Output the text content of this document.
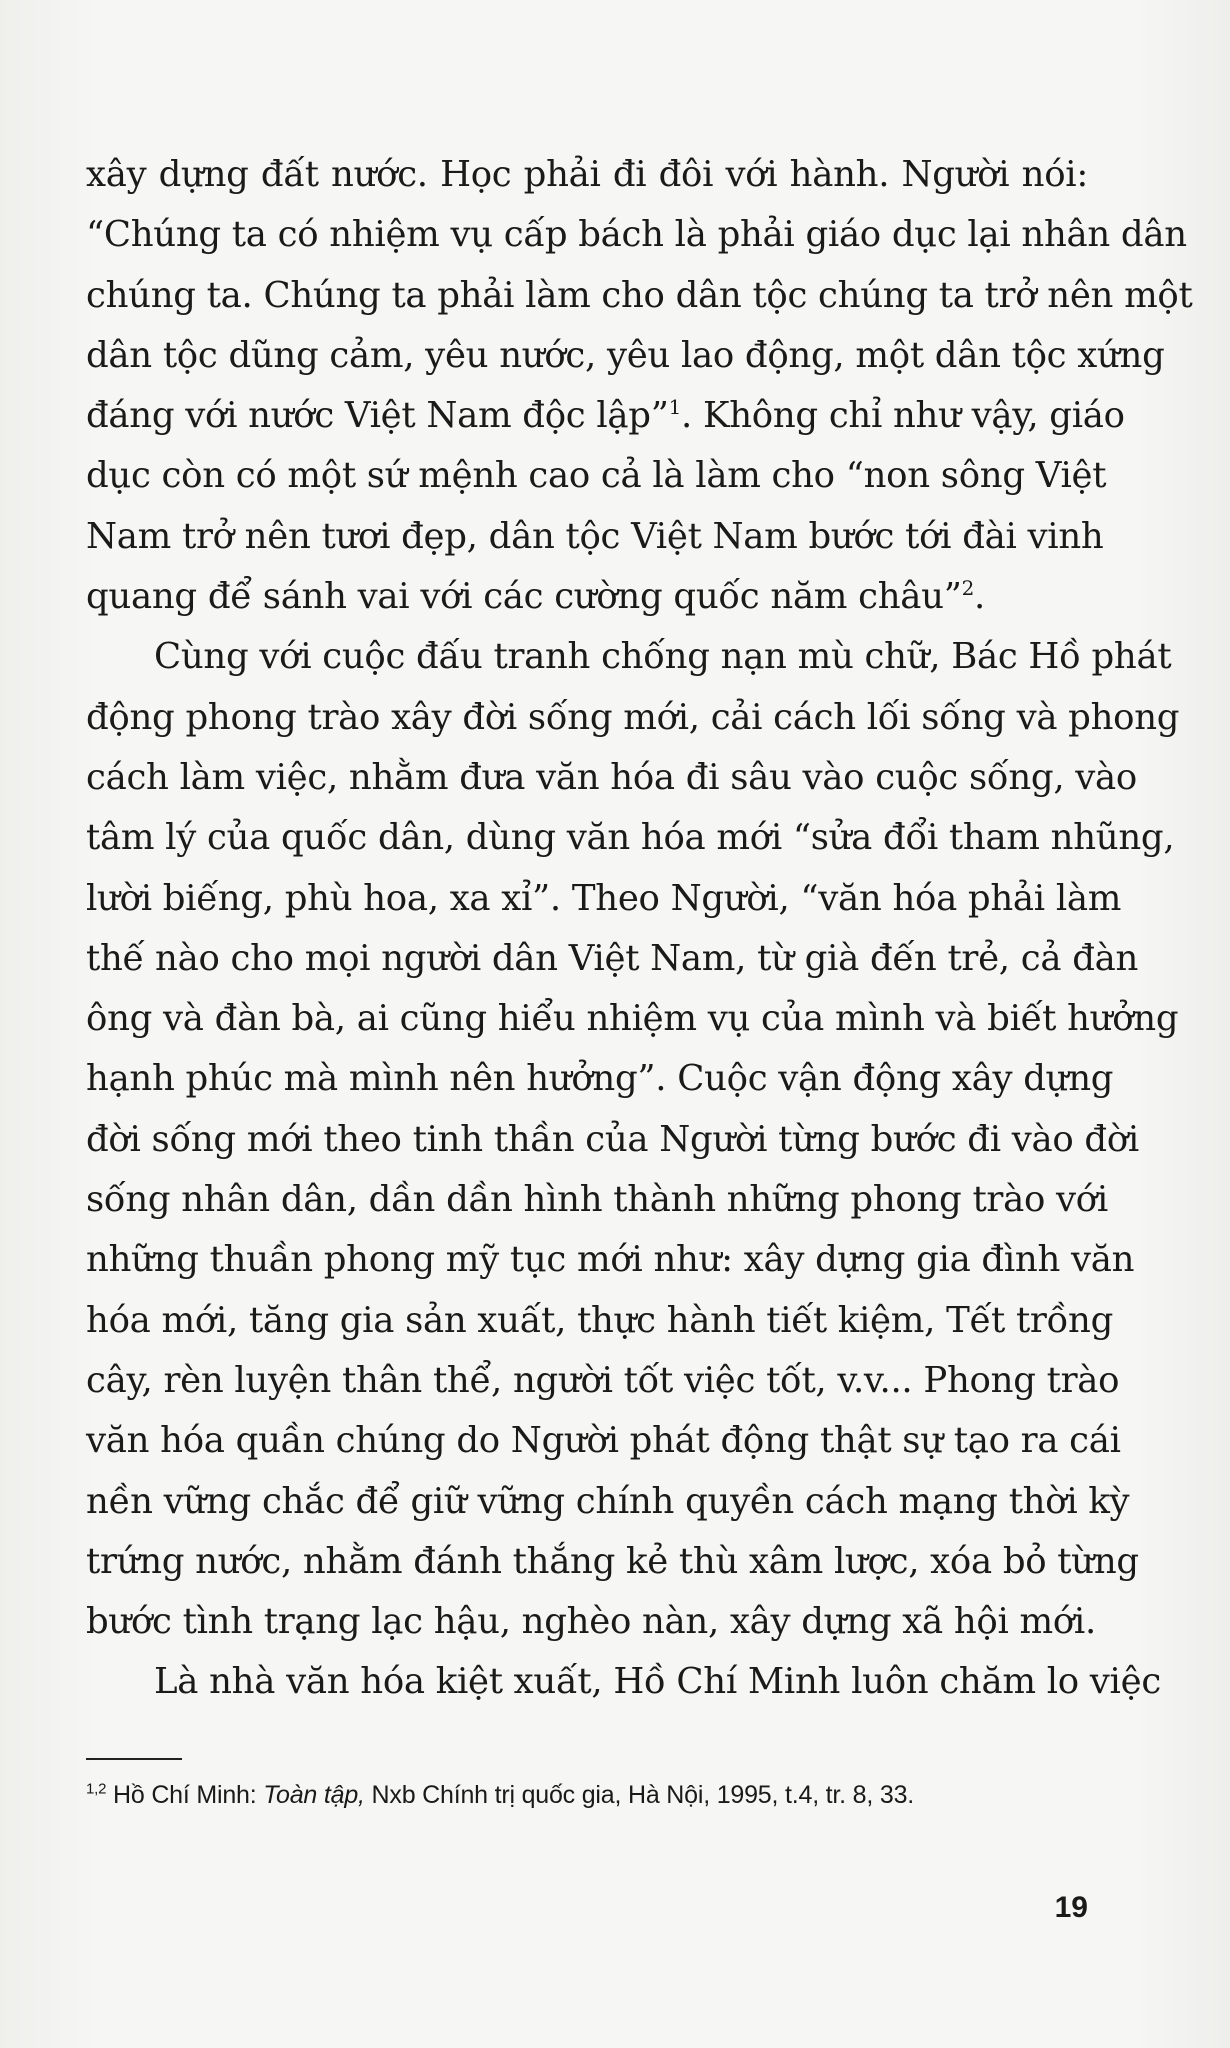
xây dựng đất nước. Học phải đi đôi với hành. Người nói:
“Chúng ta có nhiệm vụ cấp bách là phải giáo dục lại nhân dân
chúng ta. Chúng ta phải làm cho dân tộc chúng ta trở nên một
dân tộc dũng cảm, yêu nước, yêu lao động, một dân tộc xứng
đáng với nước Việt Nam độc lập”$^1$. Không chỉ như vậy, giáo
dục còn có một sứ mệnh cao cả là làm cho “non sông Việt
Nam trở nên tươi đẹp, dân tộc Việt Nam bước tới đài vinh
quang để sánh vai với các cường quốc năm châu”$^2$.
Cùng với cuộc đấu tranh chống nạn mù chữ, Bác Hồ phát
động phong trào xây đời sống mới, cải cách lối sống và phong
cách làm việc, nhằm đưa văn hóa đi sâu vào cuộc sống, vào
tâm lý của quốc dân, dùng văn hóa mới “sửa đổi tham nhũng,
lười biếng, phù hoa, xa xỉ”. Theo Người, “văn hóa phải làm
thế nào cho mọi người dân Việt Nam, từ già đến trẻ, cả đàn
ông và đàn bà, ai cũng hiểu nhiệm vụ của mình và biết hưởng
hạnh phúc mà mình nên hưởng”. Cuộc vận động xây dựng
đời sống mới theo tinh thần của Người từng bước đi vào đời
sống nhân dân, dần dần hình thành những phong trào với
những thuần phong mỹ tục mới như: xây dựng gia đình văn
hóa mới, tăng gia sản xuất, thực hành tiết kiệm, Tết trồng
cây, rèn luyện thân thể, người tốt việc tốt, v.v... Phong trào
văn hóa quần chúng do Người phát động thật sự tạo ra cái
nền vững chắc để giữ vững chính quyền cách mạng thời kỳ
trứng nước, nhằm đánh thắng kẻ thù xâm lược, xóa bỏ từng
bước tình trạng lạc hậu, nghèo nàn, xây dựng xã hội mới.
Là nhà văn hóa kiệt xuất, Hồ Chí Minh luôn chăm lo việc
$^{1,2}$ Hồ Chí Minh: Toàn tập, Nxb Chính trị quốc gia, Hà Nội, 1995, t.4, tr. 8, 33.
19
